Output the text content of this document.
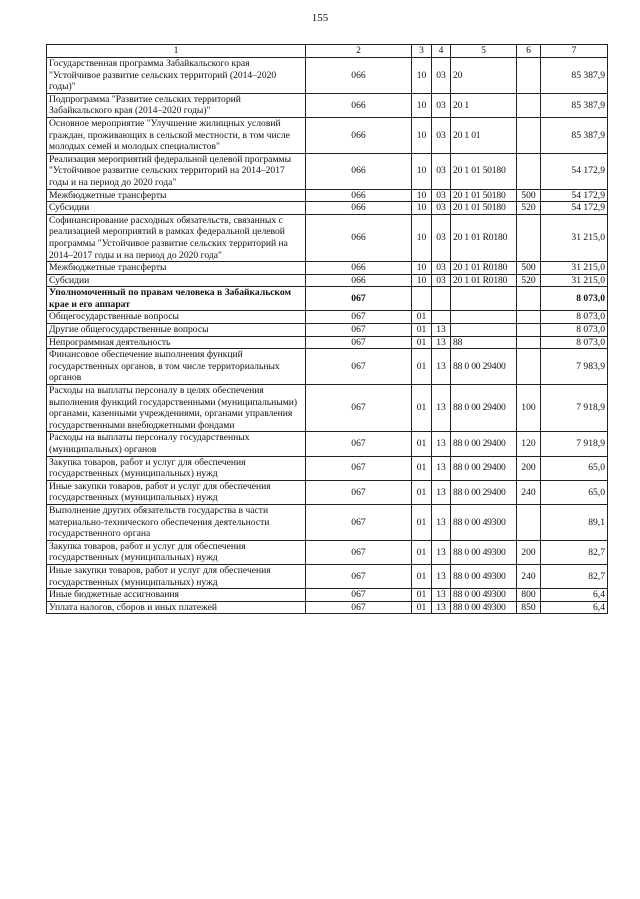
155
1	2	3	4	5	6	7
Государственная программа Забайкальского края "Устойчивое развитие сельских территорий (2014–2020 годы)"	066	10	03	20		85 387,9
Подпрограмма "Развитие сельских территорий Забайкальского края (2014–2020 годы)"	066	10	03	20 1		85 387,9
Основное мероприятие "Улучшение жилищных условий граждан, проживающих в сельской местности, в том числе молодых семей и молодых специалистов"	066	10	03	20 1 01		85 387,9
Реализация мероприятий федеральной целевой программы "Устойчивое развитие сельских территорий на 2014–2017 годы и на период до 2020 года"	066	10	03	20 1 01 50180		54 172,9
Межбюджетные трансферты	066	10	03	20 1 01 50180	500	54 172,9
Субсидии	066	10	03	20 1 01 50180	520	54 172,9
Софинансирование расходных обязательств, связанных с реализацией мероприятий в рамках федеральной целевой программы "Устойчивое развитие сельских территорий на 2014–2017 годы и на период до 2020 года"	066	10	03	20 1 01 R0180		31 215,0
Межбюджетные трансферты	066	10	03	20 1 01 R0180	500	31 215,0
Субсидии	066	10	03	20 1 01 R0180	520	31 215,0
Уполномоченный по правам человека в Забайкальском крае и его аппарат	067					8 073,0
Общегосударственные вопросы	067	01				8 073,0
Другие общегосударственные вопросы	067	01	13			8 073,0
Непрограммная деятельность	067	01	13	88		8 073,0
Финансовое обеспечение выполнения функций государственных органов, в том числе территориальных органов	067	01	13	88 0 00 29400		7 983,9
Расходы на выплаты персоналу в целях обеспечения выполнения функций государственными (муниципальными) органами, казенными учреждениями, органами управления государственными внебюджетными фондами	067	01	13	88 0 00 29400	100	7 918,9
Расходы на выплаты персоналу государственных (муниципальных) органов	067	01	13	88 0 00 29400	120	7 918,9
Закупка товаров, работ и услуг для обеспечения государственных (муниципальных) нужд	067	01	13	88 0 00 29400	200	65,0
Иные закупки товаров, работ и услуг для обеспечения государственных (муниципальных) нужд	067	01	13	88 0 00 29400	240	65,0
Выполнение других обязательств государства в части материально-технического обеспечения деятельности государственного органа	067	01	13	88 0 00 49300		89,1
Закупка товаров, работ и услуг для обеспечения государственных (муниципальных) нужд	067	01	13	88 0 00 49300	200	82,7
Иные закупки товаров, работ и услуг для обеспечения государственных (муниципальных) нужд	067	01	13	88 0 00 49300	240	82,7
Иные бюджетные ассигнования	067	01	13	88 0 00 49300	800	6,4
Уплата налогов, сборов и иных платежей	067	01	13	88 0 00 49300	850	6,4
